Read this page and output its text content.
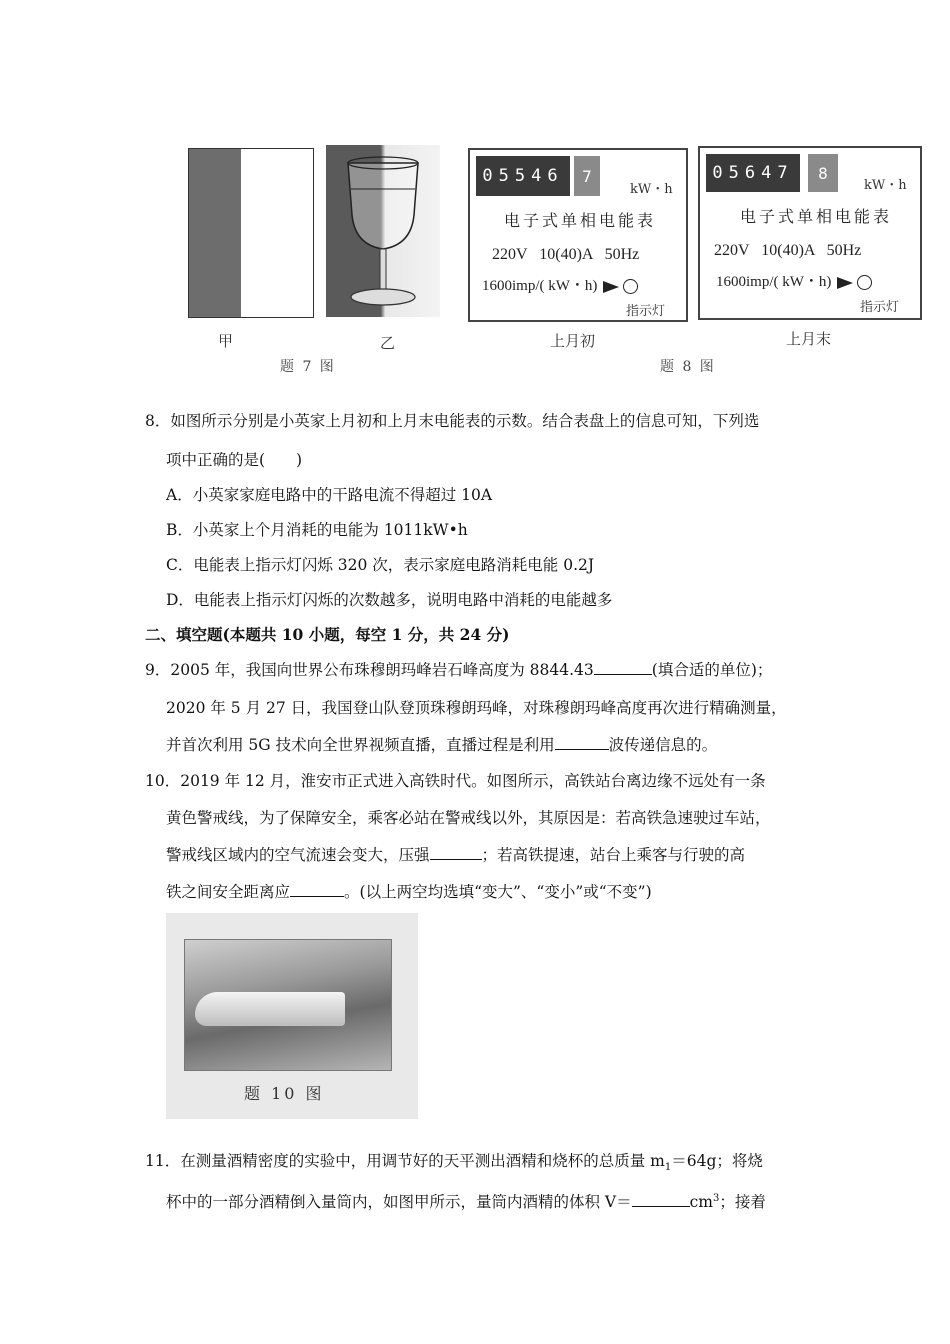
甲	乙
题 7 图
05546	7
kW・h
电子式单相电能表
220V   10(40)A   50Hz
1600imp/( kW・h)
指示灯
上月初
05647	8
kW・h
电子式单相电能表
220V   10(40)A   50Hz
1600imp/( kW・h)
指示灯
上月末
题 8 图
8．如图所示分别是小英家上月初和上月末电能表的示数。结合表盘上的信息可知，下列选
项中正确的是(　　)
A．小英家家庭电路中的干路电流不得超过 10A
B．小英家上个月消耗的电能为 1011kW•h
C．电能表上指示灯闪烁 320 次，表示家庭电路消耗电能 0.2J
D．电能表上指示灯闪烁的次数越多，说明电路中消耗的电能越多
二、填空题(本题共 10 小题，每空 1 分，共 24 分)
9．2005 年，我国向世界公布珠穆朗玛峰岩石峰高度为 8844.43	(填合适的单位)；
2020 年 5 月 27 日，我国登山队登顶珠穆朗玛峰，对珠穆朗玛峰高度再次进行精确测量，
并首次利用 5G 技术向全世界视频直播，直播过程是利用	波传递信息的。
10．2019 年 12 月，淮安市正式进入高铁时代。如图所示，高铁站台离边缘不远处有一条
黄色警戒线，为了保障安全，乘客必站在警戒线以外，其原因是：若高铁急速驶过车站，
警戒线区域内的空气流速会变大，压强	；若高铁提速，站台上乘客与行驶的高
铁之间安全距离应	。(以上两空均选填“变大”、“变小”或“不变”)
题 10 图
11．在测量酒精密度的实验中，用调节好的天平测出酒精和烧杯的总质量 $m_1=64g$；将烧
杯中的一部分酒精倒入量筒内，如图甲所示，量筒内酒精的体积 V＝	$cm^3$；接着
